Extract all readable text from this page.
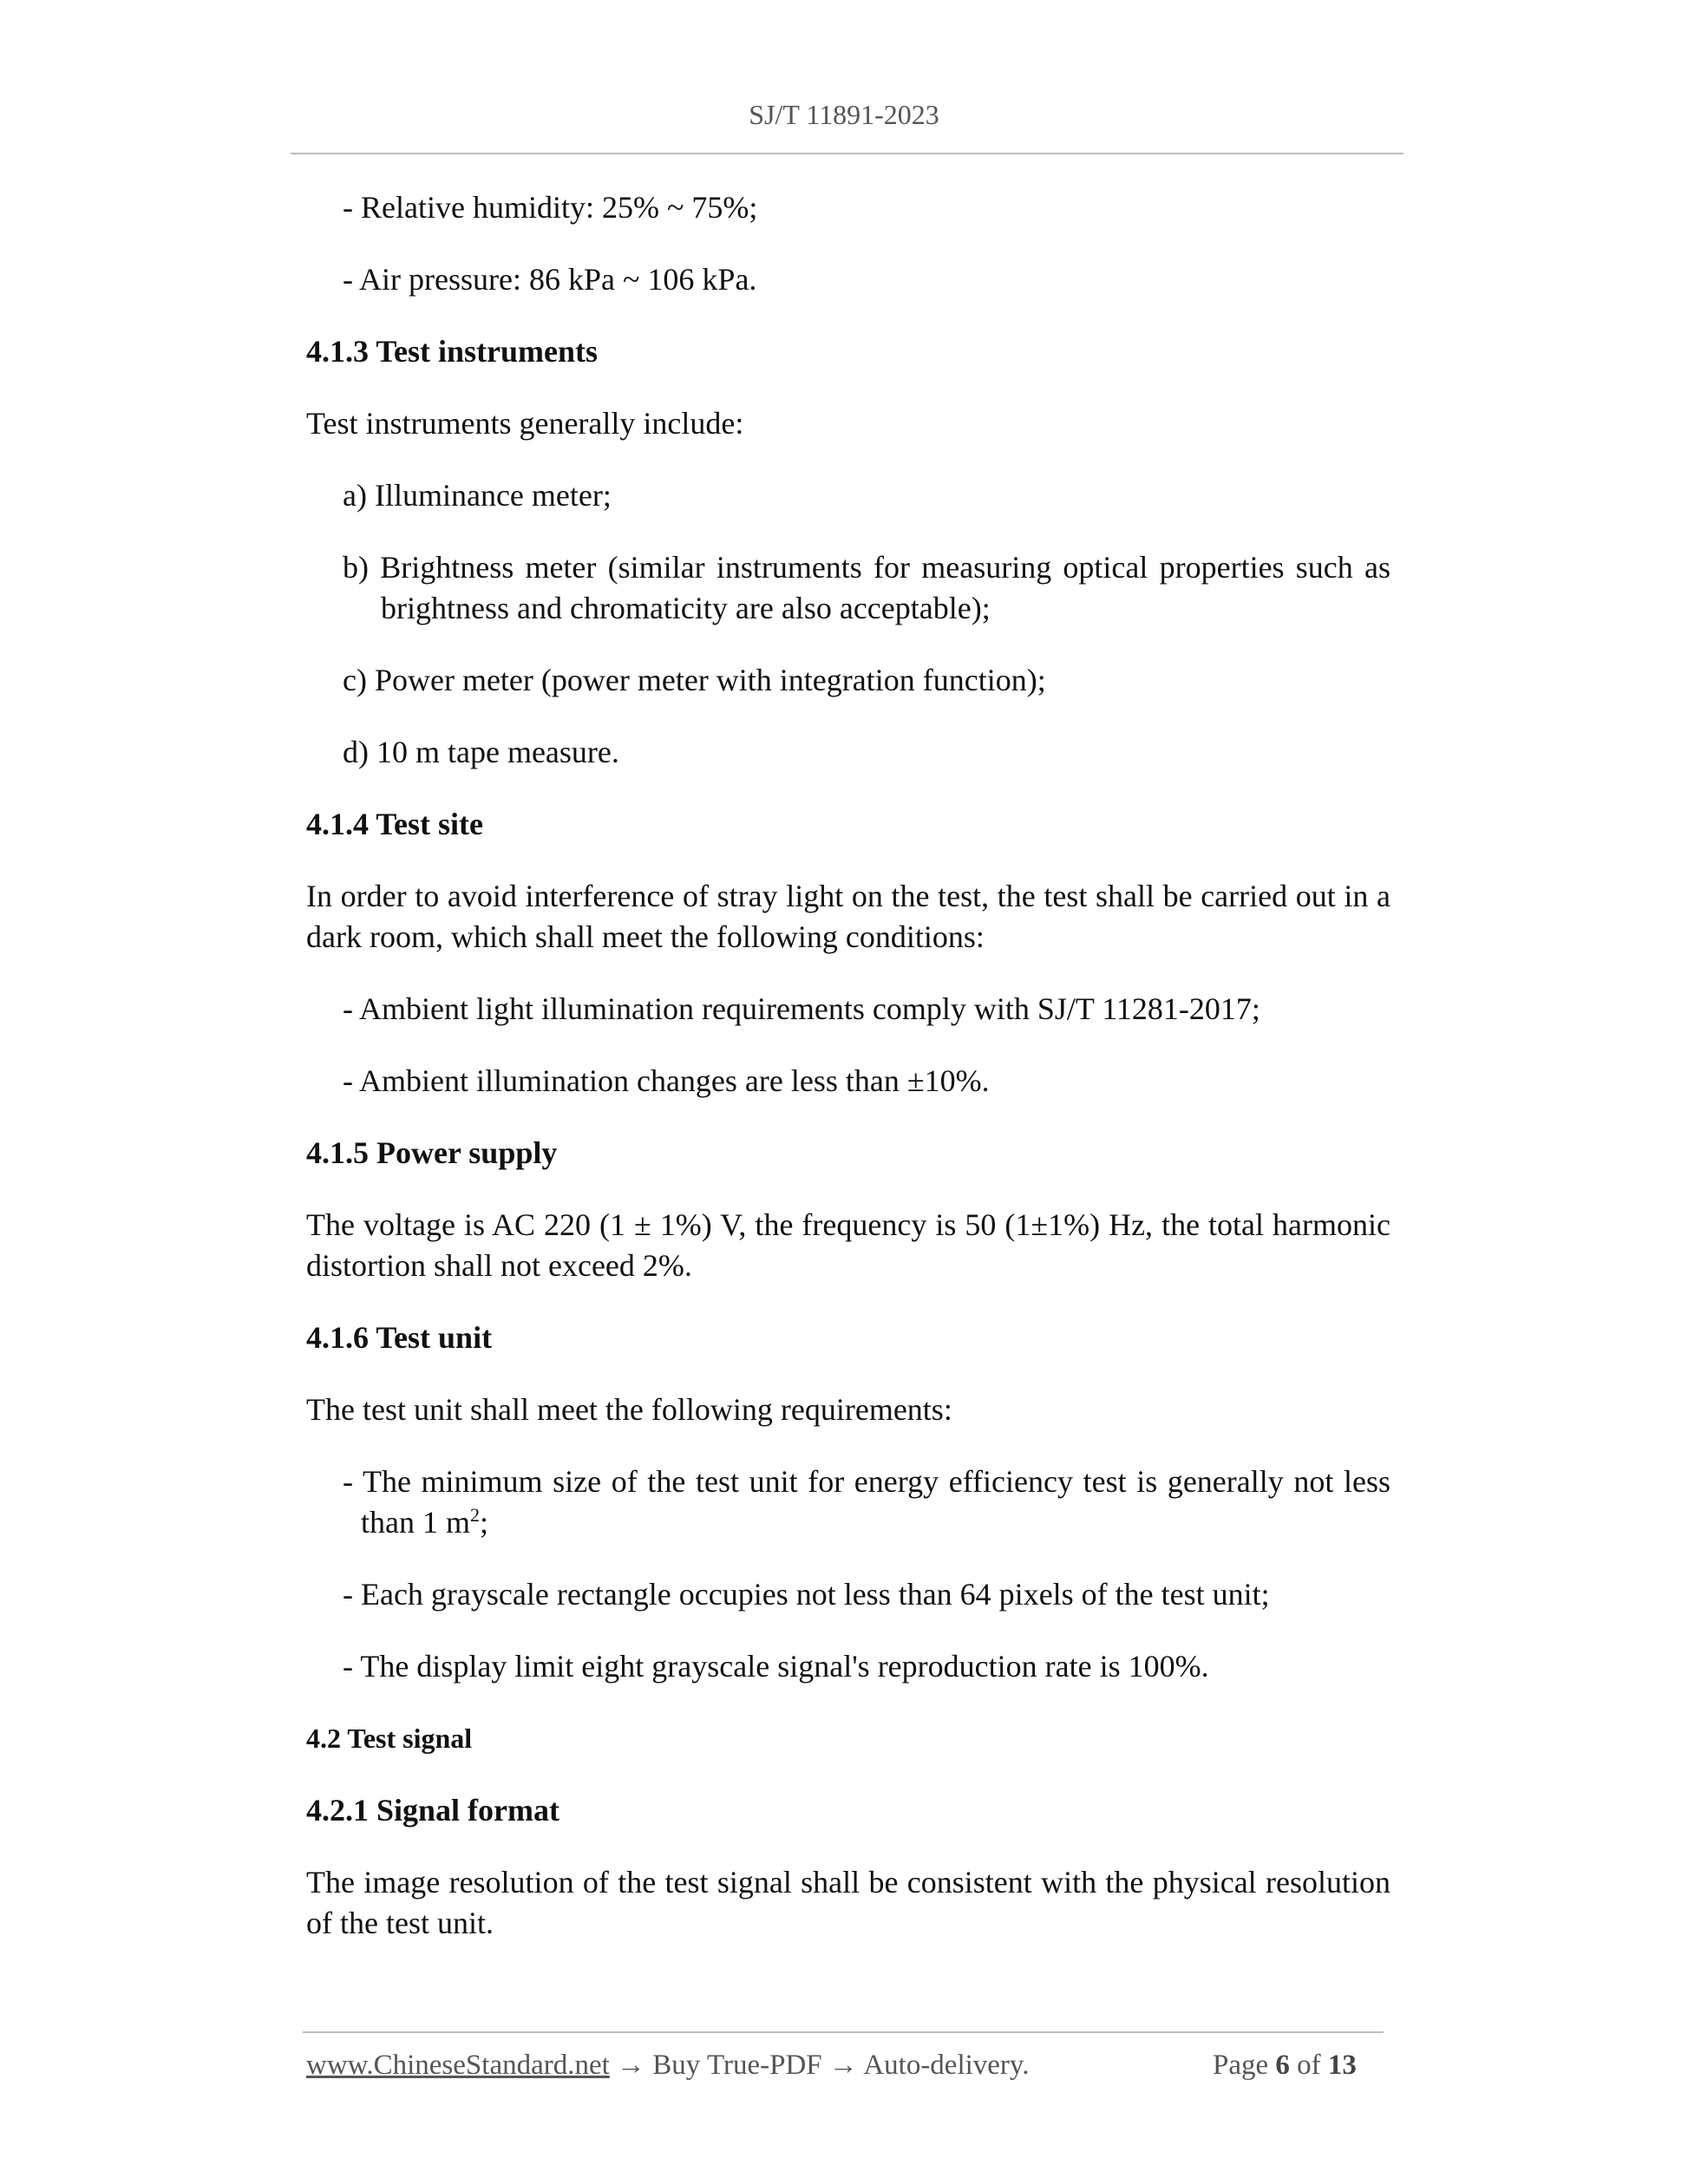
SJ/T 11891-2023

- Relative humidity: 25% ~ 75%;

- Air pressure: 86 kPa ~ 106 kPa.

4.1.3 Test instruments

Test instruments generally include:

a) Illuminance meter;

b) Brightness meter (similar instruments for measuring optical properties such as brightness and chromaticity are also acceptable);

c) Power meter (power meter with integration function);

d) 10 m tape measure.

4.1.4 Test site

In order to avoid interference of stray light on the test, the test shall be carried out in a dark room, which shall meet the following conditions:

- Ambient light illumination requirements comply with SJ/T 11281-2017;

- Ambient illumination changes are less than ±10%.

4.1.5 Power supply

The voltage is AC 220 (1 ± 1%) V, the frequency is 50 (1±1%) Hz, the total harmonic distortion shall not exceed 2%.

4.1.6 Test unit

The test unit shall meet the following requirements:

- The minimum size of the test unit for energy efficiency test is generally not less than 1 $m^2$;

- Each grayscale rectangle occupies not less than 64 pixels of the test unit;

- The display limit eight grayscale signal's reproduction rate is 100%.

4.2 Test signal
4.2.1 Signal format

The image resolution of the test signal shall be consistent with the physical resolution of the test unit.

www.ChineseStandard.net → Buy True-PDF → Auto-delivery.	Page 6 of 13
